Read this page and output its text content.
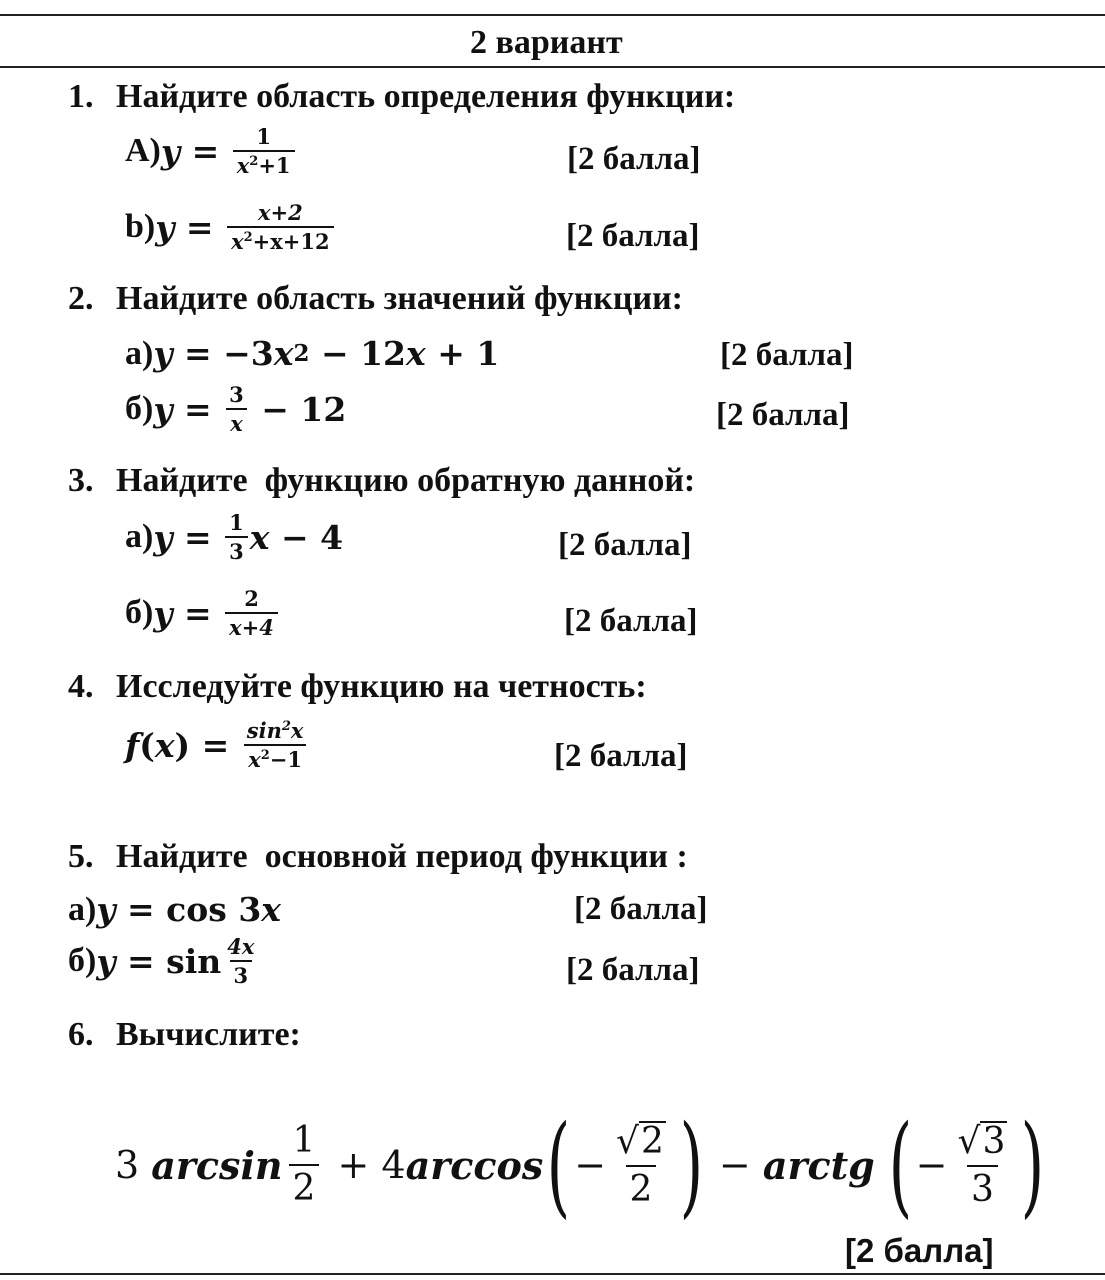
2 вариант
1. Найдите область определения функции:
A) $y = \frac{1}{x^2+1}$	[2 балла]
b) $y = \frac{x+2}{x^2+x+12}$	[2 балла]
2. Найдите область значений функции:
a) y = −3 x 2 − 12 x + 1	[2 балла]
б) $y = \frac{3}{x} - 12$	[2 балла]
3. Найдите  функцию обратную данной:
a) $y = \frac{1}{3}$ x − 4	[2 балла]
б) $y = \frac{2}{x+4}$	[2 балла]
4. Исследуйте функцию на четность:
f ( x ) = $\frac{\sin^2x}{x^2-1}$	[2 балла]
5. Найдите  основной период функции :
a) y = cos 3 x	[2 балла]
б) $y = \sin \frac{4x}{3}$	[2 балла]
6. Вычислите:
3 $\arcsin \frac{1}{2} + 4$ arccos ( − $\frac{√ 2}{2}$ ) − arctg ( − $\frac{√ 3}{3}$ )
[2 балла]
